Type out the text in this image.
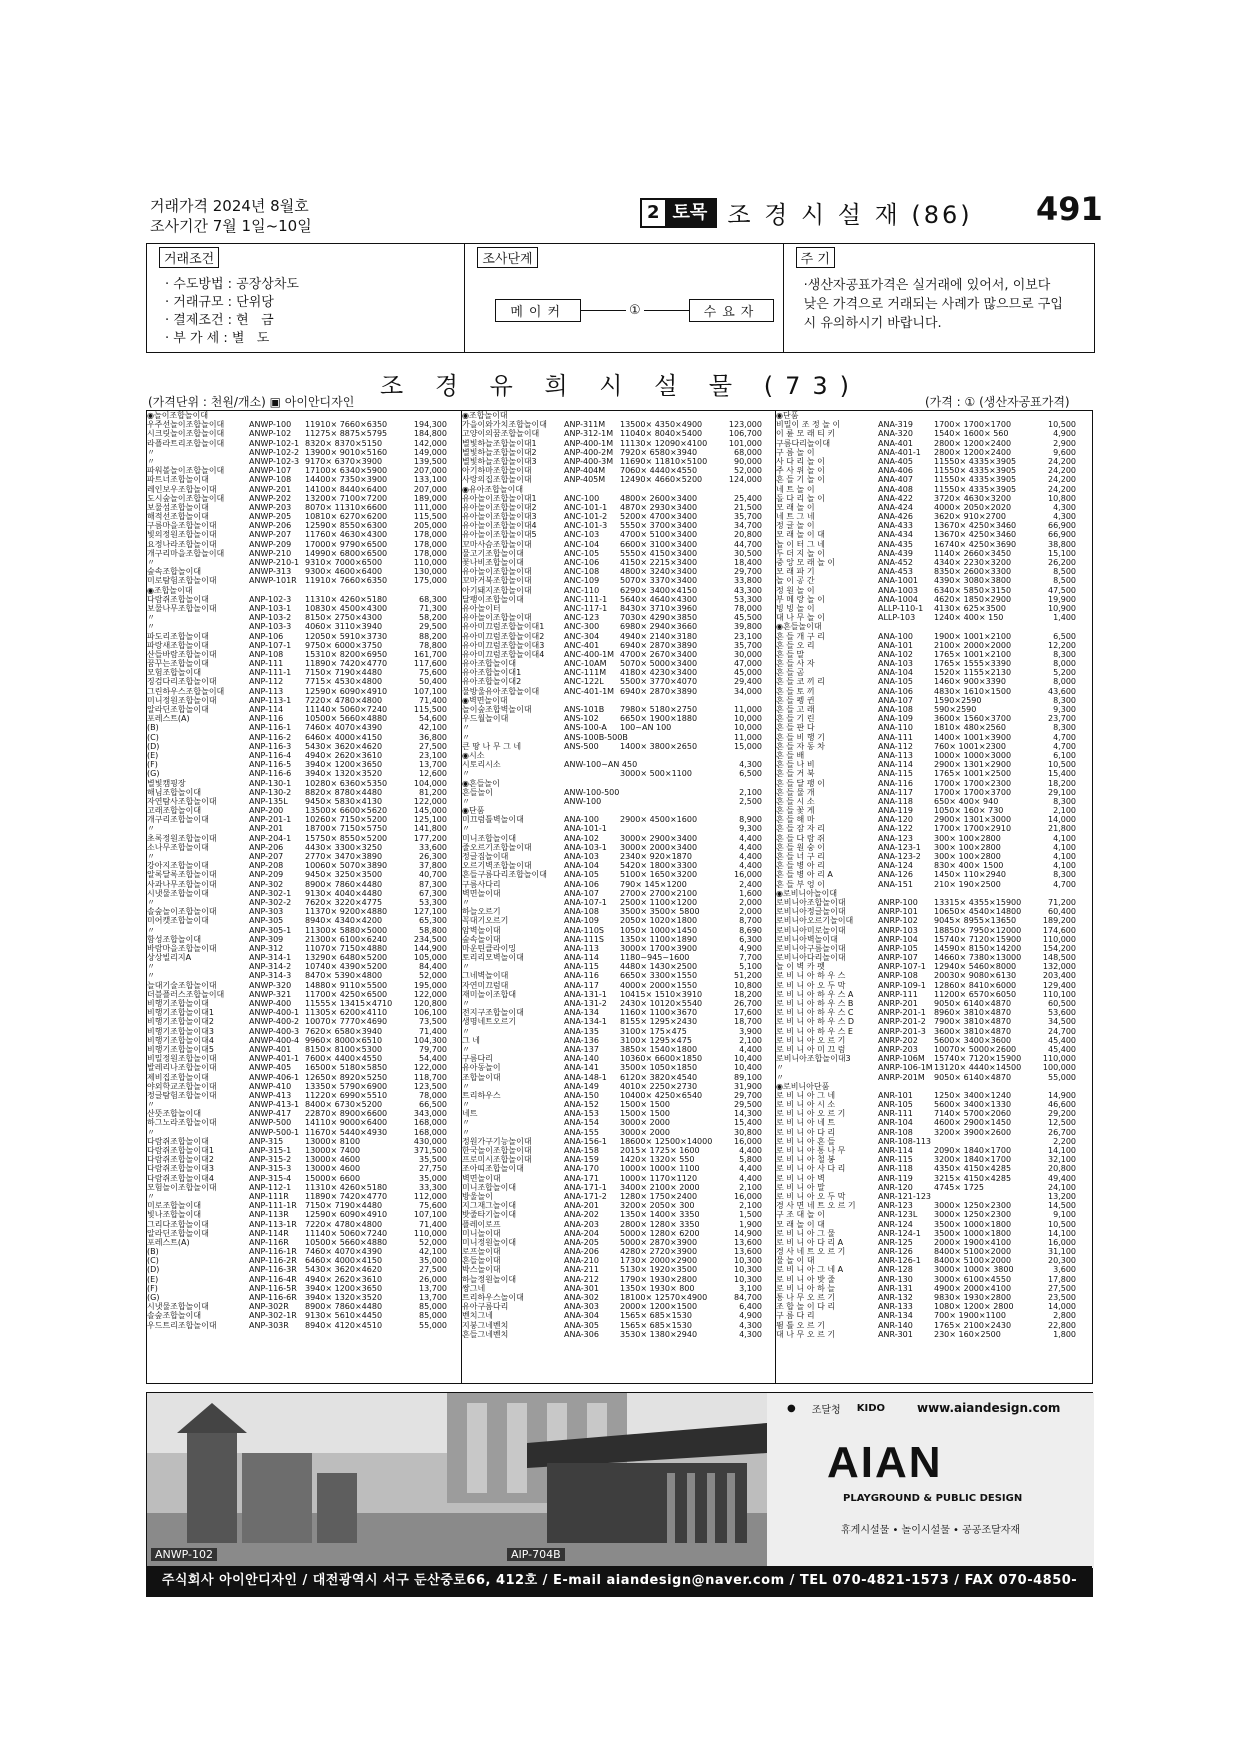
거래가격 2024년 8월호
조사기간 7월 1일~10일
2 토목 조 경 시 설 재 (86) 491
거래조건
· 수도방법 : 공장상차도
· 거래규모 : 단위당
· 결제조건 : 현   금
· 부 가 세 : 별   도
조사단계
메이커	①	수요자
주 기
·생산자공표가격은 실거래에 있어서, 이보다 낮은 가격으로 거래되는 사례가 많으므로 구입시 유의하시기 바랍니다.
조 경 유 희 시 설 물 (73)
(가격단위 : 천원/개소) ▣ 아이안디자인	(가격 : ① (생산자공표가격)
◉놀이조합놀이대
우주선놀이조합놀이대	ANWP-100	11910× 7660×6350	194,300
시크릿놀이조합놀이대	ANWP-102	11275× 8875×5795	184,800
라플라트리조합놀이대	ANWP-102-1 8320× 8370×5150	142,000
〃	ANWP-102-2 13900× 9010×5160	149,000
〃	ANWP-102-3 9170× 6370×3900	139,500
파워볼놀이조합놀이대	ANWP-107	17100× 6340×5900	207,000
파트너조합놀이대	ANWP-108	14400× 7350×3900	133,100
레인보우조합놀이대	ANWP-201	14100× 8440×6400	207,000
도시숲놀이조합놀이대	ANWP-202	13200× 7100×7200	189,000
보물섬조합놀이대	ANWP-203	8070× 11310×6600	111,000
해적선조합놀이대	ANWP-205	10810× 6270×6200	115,500
구름마을조합놀이대	ANWP-206	12590× 8550×6300	205,000
빛의정원조합놀이대	ANWP-207	11760× 4630×4300	178,000
요정나라조합놀이대	ANWP-209	17000× 9790×6500	178,000
개구리마을조합놀이대	ANWP-210	14990× 6800×6500	178,000
〃	ANWP-210-1 9310× 7000×6500	110,000
숲속조합놀이대	ANWP-313	9300× 4600×6400	130,000
미로탐험조합놀이대	ANWP-101R	11910× 7660×6350	175,000
◉조합놀이대
다람쥐조합놀이대	ANP-102-3	11310× 4260×5180	68,300
보물나무조합놀이대	ANP-103-1	10830× 4500×4300	71,300
〃	ANP-103-2	8150× 2750×4300	58,200
〃	ANP-103-3	4060× 3110×3940	29,500
파도리조합놀이대	ANP-106	12050× 5910×3730	88,200
파랑새조합놀이대	ANP-107-1	9750× 6000×3750	78,800
산들바람조합놀이대	ANP-108	15310× 8200×6950	161,700
꿈꾸는조합놀이대	ANP-111	11890× 7420×4770	117,600
모험조합놀이대	ANP-111-1	7150× 7190×4480	75,600
징검다리조합놀이대	ANP-112	7715× 4530×4800	50,400
그린하우스조합놀이대	ANP-113	12590× 6090×4910	107,100
미니정원조합놀이대	ANP-113-1	7220× 4780×4800	71,400
알라딘조합놀이대	ANP-114	11140× 5060×7240	115,500
포레스트(A)	ANP-116	10500× 5660×4880	54,600
(B)	ANP-116-1	7460× 4070×4390	42,100
(C)	ANP-116-2	6460× 4000×4150	36,800
(D)	ANP-116-3	5430× 3620×4620	27,500
(E)	ANP-116-4	4940× 2620×3610	23,100
(F)	ANP-116-5	3940× 1200×3650	13,700
(G)	ANP-116-6	3940× 1320×3520	12,600
별빛캠핑장	ANP-130-1	10280× 6360×5350	104,000
해님조합놀이대	ANP-130-2	8820× 8780×4480	81,200
자연탐사조합놀이대	ANP-135L	9450× 5830×4130	122,000
고래조합놀이대	ANP-200	13500× 6600×5620	145,000
개구리조합놀이대	ANP-201-1	10260× 7150×5200	125,100
〃	ANP-201	18700× 7150×5750	141,800
초록정원조합놀이대	ANP-204-1	15750× 8550×5200	177,200
소나무조합놀이대	ANP-206	4430× 3300×3250	33,600
〃	ANP-207	2770× 3470×3890	26,300
강아지조합놀이대	ANP-208	10060× 5070×3890	37,800
알록달록조합놀이대	ANP-209	9450× 3250×3500	40,700
사과나무조합놀이대	ANP-302	8900× 7860×4480	87,300
시냇물조합놀이대	ANP-302-1	9130× 4040×4480	67,300
〃	ANP-302-2	7620× 3220×4775	53,300
솔숲놀이조합놀이대	ANP-303	11370× 9200×4880	127,100
미어캣조합놀이대	ANP-305	8940× 4340×4200	65,300
〃	ANP-305-1	11300× 5880×5000	58,800
함성조합놀이대	ANP-309	21300× 6100×6240	234,500
바람마을조합놀이대	ANP-312	11070× 7150×4880	144,900
상상빌리지A	ANP-314-1	13290× 6480×5200	105,000
〃	ANP-314-2	10740× 4390×5200	84,400
〃	ANP-314-3	8470× 5390×4800	52,000
늘대기술조합놀이대	ANWP-320	14880× 9110×5500	195,000
더블플러스조합놀이대	ANWP-321	11700× 4250×6500	122,000
비행기조합놀이대	ANWP-400	11555× 13415×4710	120,800
비행기조합놀이대1	ANWP-400-1 11305× 6200×4110	106,100
비행기조합놀이대2	ANWP-400-2 10070× 7770×4690	73,500
비행기조합놀이대3	ANWP-400-3 7620× 6580×3940	71,400
비행기조합놀이대4	ANWP-400-4 9960× 8000×6510	104,300
비행기조합놀이대5	ANWP-401	8150× 8100×5300	79,700
비밀정원조합놀이대	ANWP-401-1 7600× 4400×4550	54,400
발레리나조합놀이대	ANWP-405	16500× 5180×5850	122,000
제비집조합놀이대	ANWP-406-1 12650× 8920×5250	118,700
야외학교조합놀이대	ANWP-410	13350× 5790×6900	123,500
정글탐험조합놀이대	ANWP-413	11220× 6990×5510	78,000
〃	ANWP-413-1 8400× 6730×5200	66,500
산뜻조합놀이대	ANWP-417	22870× 8900×6600	343,000
하그노라조합놀이대	ANWP-500	14110× 9000×6400	168,000
〃	ANWP-500-1 11670× 5440×4930	168,000
다람쥐조합놀이대	ANP-315	13000× 8100	430,000
다람쥐조합놀이대1	ANP-315-1	13000× 7400	371,500
다람쥐조합놀이대2	ANP-315-2	13000× 4600	35,500
다람쥐조합놀이대3	ANP-315-3	13000× 4600	27,750
다람쥐조합놀이대4	ANP-315-4	15000× 6600	35,000
모험놀이조합놀이대	ANP-112-1	11310× 4260×5180	33,300
〃	ANP-111R	11890× 7420×4770	112,000
미로조합놀이대	ANP-111-1R	7150× 7190×4480	75,600
빛나조합놀이대	ANP-113R	12590× 6090×4910	107,100
그리다조합놀이대	ANP-113-1R	7220× 4780×4800	71,400
알라딘조합놀이대	ANP-114R	11140× 5060×7240	110,000
포레스트(A)	ANP-116R	10500× 5660×4880	52,000
(B)	ANP-116-1R	7460× 4070×4390	42,100
(C)	ANP-116-2R	6460× 4000×4150	35,000
(D)	ANP-116-3R	5430× 3620×4620	27,500
(E)	ANP-116-4R	4940× 2620×3610	26,000
(F)	ANP-116-5R	3940× 1200×3650	13,700
(G)	ANP-116-6R	3940× 1320×3520	13,700
시냇물조합놀이대	ANP-302R	8900× 7860×4480	85,000
솔숲조합놀이대	ANP-302-1R	9130× 5610×4450	85,000
우드트리조합놀이대	ANP-303R	8940× 4120×4510	55,000
◉조합놀이대
가을이와가치조합놀이대	ANP-311M	13500× 4350×4900	123,000
고양이의꿈조합놀이대	ANP-312-1M 11040× 8040×5400	106,700
별빛하늘조합놀이대1	ANP-400-1M 11130× 12090×4100	101,000
별빛하늘조합놀이대2	ANP-400-2M 7920× 6580×3940	68,000
별빛하늘조합놀이대3	ANP-400-3M 11690× 11810×5100	90,000
아기하마조합놀이대	ANP-404M	7060× 4440×4550	52,000
사랑의집조합놀이대	ANP-405M	12490× 4660×5200	124,000
◉유아조합놀이대
유아놀이조합놀이대1	ANC-100	4800× 2600×3400	25,400
유아놀이조합놀이대2	ANC-101-1	4870× 2930×3400	21,500
유아놀이조합놀이대3	ANC-101-2	5200× 4700×3400	35,700
유아놀이조합놀이대4	ANC-101-3	5550× 3700×3400	34,700
유아놀이조합놀이대5	ANC-103	4700× 5100×3400	20,800
꼬마사슴조합놀이대	ANC-104	6600× 3100×3400	44,700
물고기조합놀이대	ANC-105	5550× 4150×3400	30,500
꽃나비조합놀이대	ANC-106	4150× 2215×3400	18,400
유아놀이조합놀이대	ANC-108	4800× 3240×3400	29,700
꼬마거북조합놀이대	ANC-109	5070× 3370×3400	33,800
아기돼지조합놀이대	ANC-110	6290× 3400×4150	43,300
달팽이조합놀이대	ANC-111-1	5640× 4640×4300	53,300
유아놀이터	ANC-117-1	8430× 3710×3960	78,000
유아놀이조합놀이대	ANC-123	7030× 4290×3850	45,500
유아미끄럼조합놀이대1	ANC-300	6980× 2940×3660	39,800
유아미끄럼조합놀이대2	ANC-304	4940× 2140×3180	23,100
유아미끄럼조합놀이대3	ANC-401	6940× 2870×3890	35,700
유아미끄럼조합놀이대4	ANC-400-1M 4700× 2670×3400	30,000
유아조합놀이대	ANC-10AM	5070× 5000×3400	47,000
유아조합놀이대1	ANC-111M	4180× 4230×3400	45,000
유아조합놀이대2	ANC-122L	5500× 3770×4070	29,400
물방울유아조합놀이대	ANC-401-1M 6940× 2870×3890	34,000
◉벽면놀이대
놀이숲조합벽놀이대	ANS-101B	7980× 5180×2750	11,000
우드월놀이대	ANS-102	6650× 1900×1880	10,000
〃	ANS-100-A	100~AN 100	10,000
〃	ANS-100B-500B	11,000
큰 땅 나 무 그 네	ANS-500	1400× 3800×2650	15,000
◉시소
시토리시소	ANW-100~AN 450	4,300
〃	3000× 500×1100	6,500
◉흔들놀이
흔들놀이	ANW-100-500	2,100
〃	ANW-100	2,500
◉단품
미끄럼틀벽놀이대	ANA-100	2900× 4500×1600	8,900
〃	ANA-101-1	9,300
미니조합놀이대	ANA-102	3000× 2900×3400	4,400
줄오르기조합놀이대	ANA-103-1	3000× 2000×3400	4,400
정글짐놀이대	ANA-103	2340× 920×1870	4,400
오르기벽조합놀이대	ANA-104	5420× 1800×3300	4,400
흔들구름다리조합놀이대	ANA-105	5100× 1650×3200	16,000
구름사다리	ANA-106	790× 145×1200	2,400
벽면놀이대	ANA-107	2700× 2700×2100	1,600
〃	ANA-107-1	2500× 1100×1200	2,000
하늘오르기	ANA-108	3500× 3500× 5800	2,000
꼭대기오르기	ANA-109	2050× 1020×1800	8,700
암벽놀이대	ANA-110S	1050× 1000×1450	8,690
숲속놀이대	ANA-111S	1350× 1100×1890	6,300
마운틴클라이밍	ANA-113	3000× 1700×3900	4,900
토리리모벽놀이대	ANA-114	1180~945~1600	7,700
〃	ANA-115	4480× 1430×2500	5,100
그네벽놀이대	ANA-116	6650× 3300×1550	51,200
자연미끄럼대	ANA-117	4000× 2000×1550	10,800
재미놀이조합대	ANA-131-1	10415× 1510×3910	18,200
〃	ANA-131-2	2430× 10120×5540	26,700
전지구조합놀이대	ANA-134	1160× 1100×3670	17,600
생명네트오르기	ANA-134-1	8155× 1295×2430	18,700
〃	ANA-135	3100× 175×475	3,900
그 네	ANA-136	3100× 1295×475	2,100
〃	ANA-137	3850× 1540×1800	4,400
구름다리	ANA-140	10360× 6600×1850	10,400
유아동놀이	ANA-141	3500× 1050×1850	10,400
조합놀이대	ANA-148-1	6120× 3820×4540	89,100
〃	ANA-149	4010× 2250×2730	31,900
트리하우스	ANA-150	10400× 4250×6540	29,700
〃	ANA-152	1500× 1500	29,500
네트	ANA-153	1500× 1500	14,300
〃	ANA-154	3000× 2000	15,400
〃	ANA-155	3000× 2000	30,800
정원가구기능놀이대	ANA-156-1	18600× 12500×14000	16,000
한국놀이조합놀이대	ANA-158	2015× 1725× 1600	4,400
프로미시조합놀이대	ANA-159	1420× 1320× 550	5,800
조아띠조합놀이대	ANA-170	1000× 1000× 1100	4,400
벽면놀이대	ANA-171	1000× 1170×1120	4,400
미니조합놀이대	ANA-171-1	3400× 2100× 2000	2,100
방울놀이	ANA-171-2	1280× 1750×2400	16,000
지그재그놀이대	ANA-201	3200× 2050× 300	2,100
밧줄타기놀이대	ANA-202	1350× 1400× 3350	1,500
플레이로프	ANA-203	2800× 1280× 3350	1,900
미니놀이대	ANA-204	5000× 1280× 6200	14,900
미니정원놀이대	ANA-205	5000× 2870×3900	13,600
로프놀이대	ANA-206	4280× 2720×3900	13,600
흔들놀이대	ANA-210	1730× 2000×2900	10,300
박스놀이대	ANA-211	5130× 1920×3500	10,300
하늘정원놀이대	ANA-212	1790× 1930×2800	10,300
쌍그네	ANA-301	1350× 1930× 800	3,100
트리하우스놀이대	ANA-302	18100× 12570×4900	84,700
유아구름다리	ANA-303	2000× 1200×1500	6,400
벤치그네	ANA-304	1565× 685×1530	4,900
지붕그네벤치	ANA-305	1565× 685×1530	4,300
흔들그네벤치	ANA-306	3530× 1380×2940	4,300
◉단품
비밀이 조 정 놀 이	ANA-319	1700× 1700×1700	10,500
이 륜 모 래 티 키	ANA-320	1540× 1600× 560	4,900
구름다리놀이대	ANA-401	2800× 1200×2400	2,900
구 름 놀 이	ANA-401-1	2800× 1200×2400	9,600
사 다 리 놀 이	ANA-405	11550× 4335×3905	24,200
주 사 위 놀 이	ANA-406	11550× 4335×3905	24,200
흔 들 기 놀 이	ANA-407	11550× 4335×3905	24,200
네 트 놀 이	ANA-408	11550× 4335×3905	24,200
돌 다 리 놀 이	ANA-422	3720× 4630×3200	10,800
모 래 놀 이	ANA-424	4000× 2050×2020	4,300
네 트 그 네	ANA-426	3620× 910×2700	4,300
정 글 놀 이	ANA-433	13670× 4250×3460	66,900
모 래 놀 이 대	ANA-434	13670× 4250×3460	66,900
놀 이 터 그 네	ANA-435	16740× 4250×3690	38,800
두 더 지 놀 이	ANA-439	1140× 2660×3450	15,100
중 앙 모 래 놀 이	ANA-452	4340× 2230×3200	26,200
모 래 파 기	ANA-453	8350× 2600×3300	8,500
놀 이 공 간	ANA-1001	4390× 3080×3800	8,500
정 원 놀 이	ANA-1003	6340× 5850×3150	47,500
부 메 랑 놀 이	ANA-1004	4620× 1850×2900	19,900
빙 빙 놀 이	ALLP-110-1	4130× 625×3500	10,900
대 나 무 놀 이	ALLP-103	1240× 400× 150	1,400
◉흔들놀이대
흔 들 개 구 리	ANA-100	1900× 1001×2100	6,500
흔 들 오 리	ANA-101	2100× 2000×2000	12,200
흔 들 말	ANA-102	1765× 1001×2100	8,300
흔 들 사 자	ANA-103	1765× 1555×3390	8,000
흔 들 곰	ANA-104	1520× 1155×2130	5,200
흔 들 코 끼 리	ANA-105	1460× 900×3390	8,000
흔 들 토 끼	ANA-106	4830× 1610×1500	43,600
흔 들 펭 귄	ANA-107	1590×2590	8,300
흔 들 고 래	ANA-108	590×2590	9,300
흔 들 기 린	ANA-109	3600× 1560×3700	23,700
흔 들 판 다	ANA-110	1810× 480×2560	8,300
흔 들 비 행 기	ANA-111	1400× 1001×3900	4,700
흔 들 자 동 차	ANA-112	760× 1001×2300	4,700
흔 들 배	ANA-113	1000× 1000×3000	6,100
흔 들 나 비	ANA-114	2900× 1301×2900	10,500
흔 들 거 북	ANA-115	1765× 1001×2500	15,400
흔 들 달 팽 이	ANA-116	1700× 1700×2300	18,200
흔 들 물 개	ANA-117	1700× 1700×3700	29,100
흔 들 시 소	ANA-118	650× 400× 940	8,300
흔 들 꽃 게	ANA-119	1050× 160× 730	2,100
흔 들 해 마	ANA-120	2900× 1301×3000	14,000
흔 들 잠 자 리	ANA-122	1700× 1700×2910	21,800
흔 들 다 람 쥐	ANA-123	300× 100×2800	4,100
흔 들 원 숭 이	ANA-123-1	300× 100×2800	4,100
흔 들 너 구 리	ANA-123-2	300× 100×2800	4,100
흔 들 병 아 리	ANA-124	830× 400× 1500	4,100
흔 들 병 아 리 A	ANA-126	1450× 110×2940	8,300
흔 들 부 엉 이	ANA-151	210× 190×2500	4,700
◉로비니아놀이대
로비니아조합놀이대	ANRP-100	13315× 4355×15900	71,200
로비니아정글놀이대	ANRP-101	10650× 4540×14800	60,400
로비니아오르기놀이대	ANRP-102	9045× 8955×13650	189,200
로비니아미로놀이대	ANRP-103	18850× 7950×12000	174,600
로비니아벽놀이대	ANRP-104	15740× 7120×15900	110,000
로비니아구름놀이대	ANRP-105	14590× 8150×14200	154,200
로비니아다리놀이대	ANRP-107	14660× 7380×13000	148,500
놀 이 벽 카 펫	ANRP-107-1	12940× 5460×8000	132,000
로 비 니 아 하 우 스	ANRP-108	20030× 9080×6130	203,400
로 비 니 아 오 두 막	ANRP-109-1	12860× 8410×6000	129,400
로 비 니 아 하 우 스 A	ANRP-111	11200× 6570×6050	110,100
로 비 니 아 하 우 스 B	ANRP-201	9050× 6140×4870	60,500
로 비 니 아 하 우 스 C	ANRP-201-1	8960× 3810×4870	53,600
로 비 니 아 하 우 스 D	ANRP-201-2	7900× 3810×4870	34,500
로 비 니 아 하 우 스 E	ANRP-201-3	3600× 3810×4870	24,700
로 비 니 아 오 르 기	ANRP-202	5600× 3400×3600	45,400
로 비 니 아 미 끄 럼	ANRP-203	10070× 5000×2600	45,400
로비니아조합놀이대3	ANRP-106M	15740× 7120×15900	110,000
〃	ANRP-106-1M 13120× 4440×14500	100,000
〃	ANRP-201M	9050× 6140×4870	55,000
◉로비니아단품
로 비 니 아 그 네	ANR-101	1250× 3400×1240	14,900
로 비 니 아 시 소	ANR-105	5600× 3400×1330	46,600
로 비 니 아 오 르 기	ANR-111	7140× 5700×2060	29,200
로 비 니 아 네 트	ANR-104	4600× 2900×1450	12,500
로 비 니 아 다 리	ANR-108	3200× 3900×2600	26,700
로 비 니 아 흔 들	ANR-108-113	2,200
로 비 니 아 통 나 무	ANR-114	2090× 1840×1700	14,100
로 비 니 아 철 봉	ANR-115	3200× 1840×1700	32,100
로 비 니 아 사 다 리	ANR-118	4350× 4150×4285	20,800
로 비 니 아 벽	ANR-119	3215× 4150×4285	49,400
로 비 니 아 말	ANR-120	4745× 1725	24,100
로 비 니 아 오 두 막	ANR-121-123	13,200
경 사 면 네 트 오 르 기	ANR-123	3000× 1250×2300	14,500
구 조 대 놀 이	ANR-123L	3000× 1250×2300	9,100
모 래 놀 이 대	ANR-124	3500× 1000×1800	10,500
로 비 니 아 그 물	ANR-124-1	3500× 1000×1800	14,100
로 비 니 아 다 리 A	ANR-125	2000× 1900×4100	16,000
경 사 네 트 오 르 기	ANR-126	8400× 5100×2000	31,100
물 놀 이 대	ANR-126-1	8400× 5100×2000	20,300
로 비 니 아 그 네 A	ANR-128	3000× 1000× 3800	3,600
로 비 니 아 밧 줄	ANR-130	3000× 6100×4550	17,800
로 비 니 아 하 늘	ANR-131	4900× 2000×4100	27,500
통 나 무 오 르 기	ANR-132	9830× 1930×2800	23,500
조 합 놀 이 다 리	ANR-133	1080× 1200× 2800	14,000
구 름 다 리	ANR-134	700× 1900×1100	2,800
뜀 틀 오 르 기	ANR-140	1765× 2100×2430	22,800
대 나 무 오 르 기	ANR-301	230× 160×2500	1,800
ANWP-102	AIP-704B
● 조달청 KIDO	www.aiandesign.com
AIAN
PLAYGROUND & PUBLIC DESIGN
휴게시설물 • 놀이시설물 • 공공조달자재
주식회사 아이안디자인 / 대전광역시 서구 둔산중로66, 412호 / E-mail aiandesign@naver.com / TEL 070-4821-1573 / FAX 070-4850-8316
